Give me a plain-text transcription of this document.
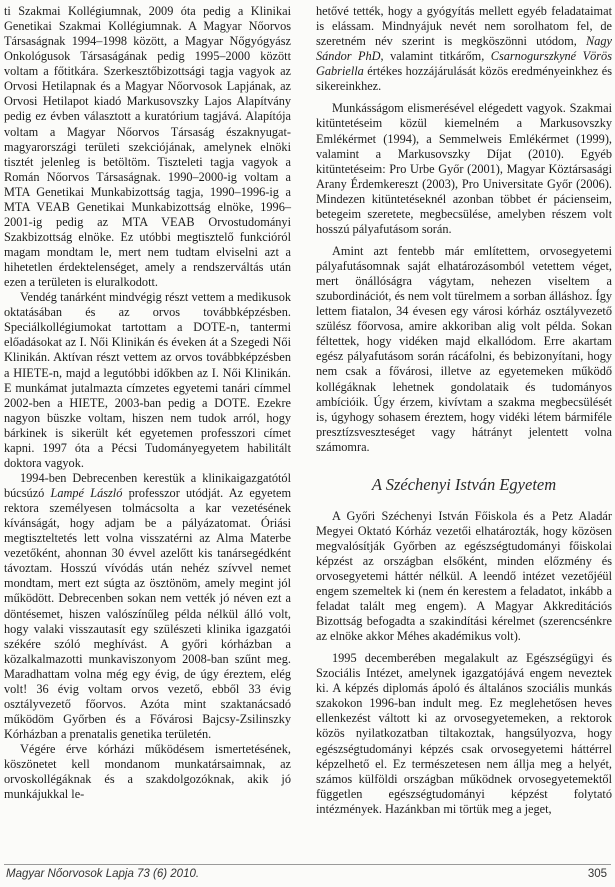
ti Szakmai Kollégiumnak, 2009 óta pedig a Klinikai Genetikai Szakmai Kollégiumnak. A Magyar Nőorvos Társaságnak 1994–1998 között, a Magyar Nőgyógyász Onkológusok Társaságának pedig 1995–2000 között voltam a főtitkára. Szerkesztőbizottsági tagja vagyok az Orvosi Hetilapnak és a Magyar Nőorvosok Lapjának, az Orvosi Hetilapot kiadó Markusovszky Lajos Alapítvány pedig ez évben választott a kuratórium tagjává. Alapítója voltam a Magyar Nőorvos Társaság északnyugat-magyarországi területi szekciójának, amelynek elnöki tisztét jelenleg is betöltöm. Tiszteleti tagja vagyok a Román Nőorvos Társaságnak. 1990–2000-ig voltam a MTA Genetikai Munkabizottság tagja, 1990–1996-ig a MTA VEAB Genetikai Munkabizottság elnöke, 1996–2001-ig pedig az MTA VEAB Orvostudományi Szakbizottság elnöke. Ez utóbbi megtisztelő funkcióról magam mondtam le, mert nem tudtam elviselni azt a hihetetlen érdektelenséget, amely a rendszerváltás után ezen a területen is eluralkodott.

Vendég tanárként mindvégig részt vettem a medikusok oktatásában és az orvos továbbképzésben. Speciálkollégiumokat tartottam a DOTE-n, tantermi előadásokat az I. Női Klinikán és éveken át a Szegedi Női Klinikán. Aktívan részt vettem az orvos továbbképzésben a HIETE-n, majd a legutóbbi időkben az I. Női Klinikán. E munkámat jutalmazta címzetes egyetemi tanári címmel 2002-ben a HIETE, 2003-ban pedig a DOTE. Ezekre nagyon büszke voltam, hiszen nem tudok arról, hogy bárkinek is sikerült két egyetemen professzori címet kapni. 1997 óta a Pécsi Tudományegyetem habilitált doktora vagyok.

1994-ben Debrecenben kerestük a klinikaigazgatótól búcsúzó Lampé László professzor utódját. Az egyetem rektora személyesen tolmácsolta a kar vezetésének kívánságát, hogy adjam be a pályázatomat. Óriási megtiszteltetés lett volna visszatérni az Alma Materbe vezetőként, ahonnan 30 évvel azelőtt kis tanársegédként távoztam. Hosszú vívódás után nehéz szívvel nemet mondtam, mert ezt súgta az ösztönöm, amely megint jól működött. Debrecenben sokan nem vették jó néven ezt a döntésemet, hiszen valószínűleg példa nélkül álló volt, hogy valaki visszautasít egy szülészeti klinika igazgatói székére szóló meghívást. A győri kórházban a közalkalmazotti munkaviszonyom 2008-ban szűnt meg. Maradhattam volna még egy évig, de úgy éreztem, elég volt! 36 évig voltam orvos vezető, ebből 33 évig osztályvezető főorvos. Azóta mint szaktanácsadó működöm Győrben és a Fővárosi Bajcsy-Zsilinszky Kórházban a prenatalis genetika területén.

Végére érve kórházi működésem ismertetésének, köszönetet kell mondanom munkatársaimnak, az orvoskollégáknak és a szakdolgozóknak, akik jó munkájukkal le-

hetővé tették, hogy a gyógyítás mellett egyéb feladataimat is elássam. Mindnyájuk nevét nem sorolhatom fel, de szeretném név szerint is megköszönni utódom, Nagy Sándor PhD, valamint titkárőm, Csarnogurszkyné Vörös Gabriella értékes hozzájárulását közös eredményeinkhez és sikereinkhez.

Munkásságom elismerésével elégedett vagyok. Szakmai kitüntetéseim közül kiemelném a Markusovszky Emlékérmet (1994), a Semmelweis Emlékérmet (1999), valamint a Markusovszky Díjat (2010). Egyéb kitüntetéseim: Pro Urbe Győr (2001), Magyar Köztársasági Arany Érdemkereszt (2003), Pro Universitate Győr (2006). Mindezen kitüntetéseknél azonban többet ér pácienseim, betegeim szeretete, megbecsülése, amelyben részem volt hosszú pályafutásom során.

Amint azt fentebb már említettem, orvosegyetemi pályafutásomnak saját elhatározásomból vetettem véget, mert önállóságra vágytam, nehezen viseltem a szubordinációt, és nem volt türelmem a sorban álláshoz. Így lettem fiatalon, 34 évesen egy városi kórház osztályvezető szülész főorvosa, amire akkoriban alig volt példa. Sokan féltettek, hogy vidéken majd elkallódom. Erre akartam egész pályafutásom során rácáfolni, és bebizonyítani, hogy nem csak a fővárosi, illetve az egyetemeken működő kollégáknak lehetnek gondolataik és tudományos ambícióik. Úgy érzem, kivívtam a szakma megbecsülését is, úgyhogy sohasem éreztem, hogy vidéki létem bármiféle presztízsveszteséget vagy hátrányt jelentett volna számomra.

A Széchenyi István Egyetem

A Győri Széchenyi István Főiskola és a Petz Aladár Megyei Oktató Kórház vezetői elhatározták, hogy közösen megvalósítják Győrben az egészségtudományi főiskolai képzést az országban elsőként, minden előzmény és orvosegyetemi háttér nélkül. A leendő intézet vezetőjéül engem szemeltek ki (nem én kerestem a feladatot, inkább a feladat talált meg engem). A Magyar Akkreditációs Bizottság befogadta a szakindítási kérelmet (szerencsénkre az elnöke akkor Méhes akadémikus volt).

1995 decemberében megalakult az Egészségügyi és Szociális Intézet, amelynek igazgatójává engem neveztek ki. A képzés diplomás ápoló és általános szociális munkás szakokon 1996-ban indult meg. Ez meglehetősen heves ellenkezést váltott ki az orvosegyetemeken, a rektorok közös nyilatkozatban tiltakoztak, hangsúlyozva, hogy egészségtudományi képzés csak orvosegyetemi háttérrel képzelhető el. Ez természetesen nem állja meg a helyét, számos külföldi országban működnek orvosegyetemektől független egészségtudományi képzést folytató intézmények. Hazánkban mi törtük meg a jeget,

Magyar Nőorvosok Lapja 73 (6) 2010.	305
